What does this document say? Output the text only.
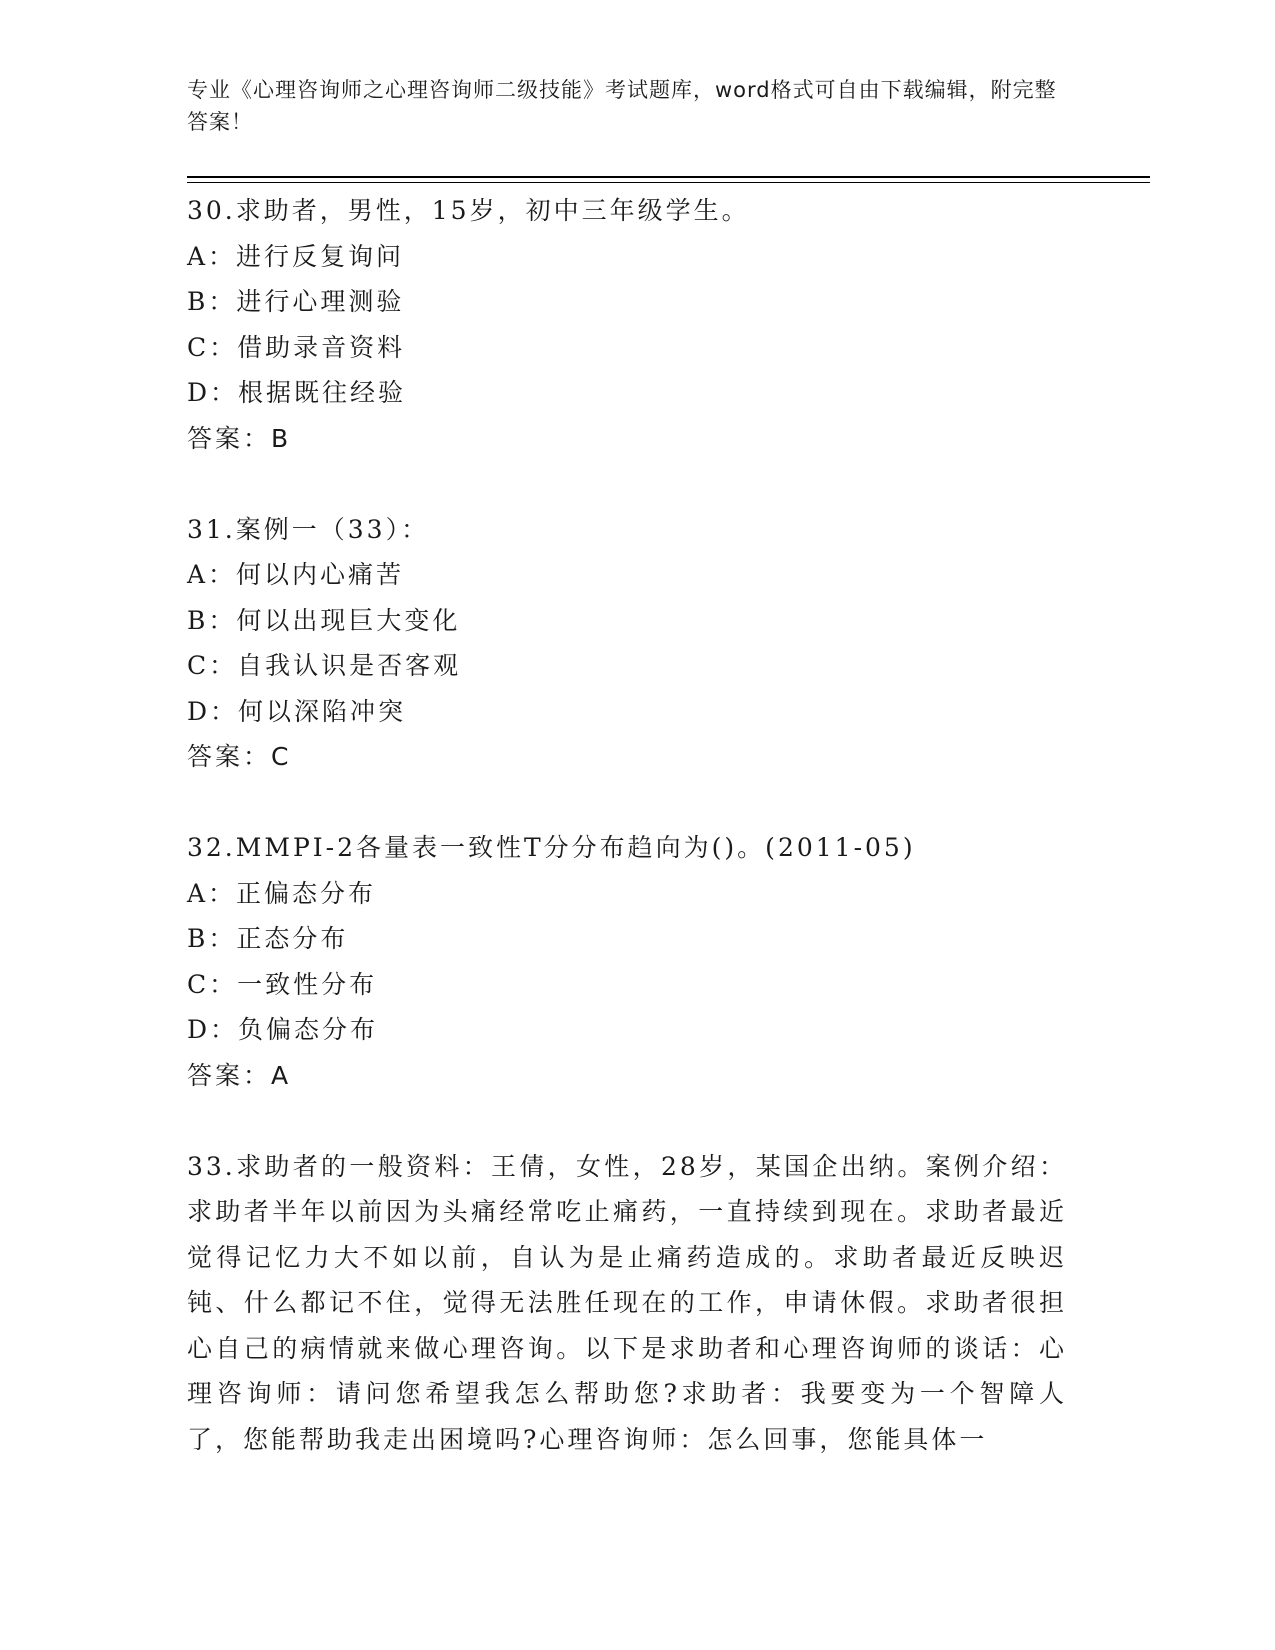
专业《心理咨询师之心理咨询师二级技能》考试题库，word格式可自由下载编辑，附完整答案！
30.求助者，男性，15岁，初中三年级学生。
A：进行反复询问
B：进行心理测验
C：借助录音资料
D：根据既往经验
答案：B
31.案例一（33）：
A：何以内心痛苦
B：何以出现巨大变化
C：自我认识是否客观
D：何以深陷冲突
答案：C
32.MMPI-2各量表一致性T分分布趋向为()。(2011-05)
A：正偏态分布
B：正态分布
C：一致性分布
D：负偏态分布
答案：A
33.求助者的一般资料：王倩，女性，28岁，某国企出纳。案例介绍：求助者半年以前因为头痛经常吃止痛药，一直持续到现在。求助者最近觉得记忆力大不如以前，自认为是止痛药造成的。求助者最近反映迟钝、什么都记不住，觉得无法胜任现在的工作，申请休假。求助者很担心自己的病情就来做心理咨询。以下是求助者和心理咨询师的谈话：心理咨询师：请问您希望我怎么帮助您?求助者：我要变为一个智障人了，您能帮助我走出困境吗?心理咨询师：怎么回事，您能具体一
